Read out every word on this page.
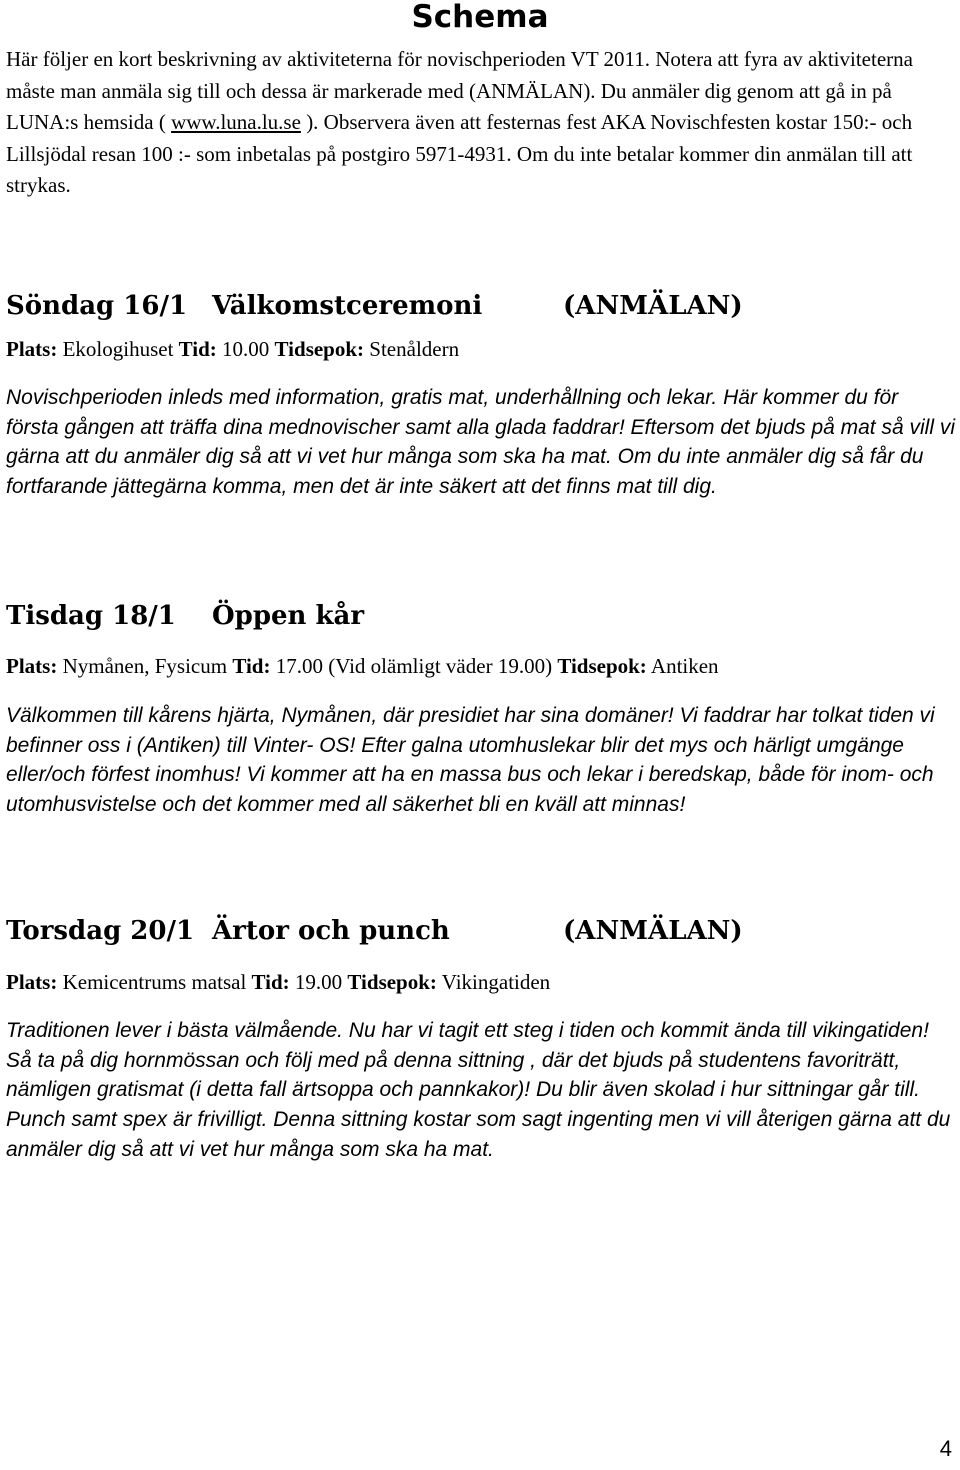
Schema
Här följer en kort beskrivning av aktiviteterna för novischperioden VT 2011. Notera att fyra av aktiviteterna måste man anmäla sig till och dessa är markerade med (ANMÄLAN). Du anmäler dig genom att gå in på LUNA:s hemsida ( www.luna.lu.se ). Observera även att festernas fest AKA Novischfesten kostar 150:- och Lillsjödal resan 100 :- som inbetalas på postgiro 5971-4931. Om du inte betalar kommer din anmälan till att strykas.
Söndag 16/1 Välkomstceremoni	(ANMÄLAN)
Plats: Ekologihuset Tid: 10.00 Tidsepok: Stenåldern
Novischperioden inleds med information, gratis mat, underhållning och lekar. Här kommer du för första gången att träffa dina mednovischer samt alla glada faddrar! Eftersom det bjuds på mat så vill vi gärna att du anmäler dig så att vi vet hur många som ska ha mat. Om du inte anmäler dig så får du fortfarande jättegärna komma, men det är inte säkert att det finns mat till dig.
Tisdag 18/1 Öppen kår
Plats: Nymånen, Fysicum Tid: 17.00 (Vid olämligt väder 19.00) Tidsepok: Antiken
Välkommen till kårens hjärta, Nymånen, där presidiet har sina domäner! Vi faddrar har tolkat tiden vi befinner oss i (Antiken) till Vinter- OS! Efter galna utomhuslekar blir det mys och härligt umgänge eller/och förfest inomhus! Vi kommer att ha en massa bus och lekar i beredskap, både för inom- och utomhusvistelse och det kommer med all säkerhet bli en kväll att minnas!
Torsdag 20/1 Ärtor och punch	(ANMÄLAN)
Plats: Kemicentrums matsal Tid: 19.00 Tidsepok: Vikingatiden
Traditionen lever i bästa välmående. Nu har vi tagit ett steg i tiden och kommit ända till vikingatiden! Så ta på dig hornmössan och följ med på denna sittning , där det bjuds på studentens favoriträtt, nämligen gratismat (i detta fall ärtsoppa och pannkakor)! Du blir även skolad i hur sittningar går till. Punch samt spex är frivilligt. Denna sittning kostar som sagt ingenting men vi vill återigen gärna att du anmäler dig så att vi vet hur många som ska ha mat.
4
